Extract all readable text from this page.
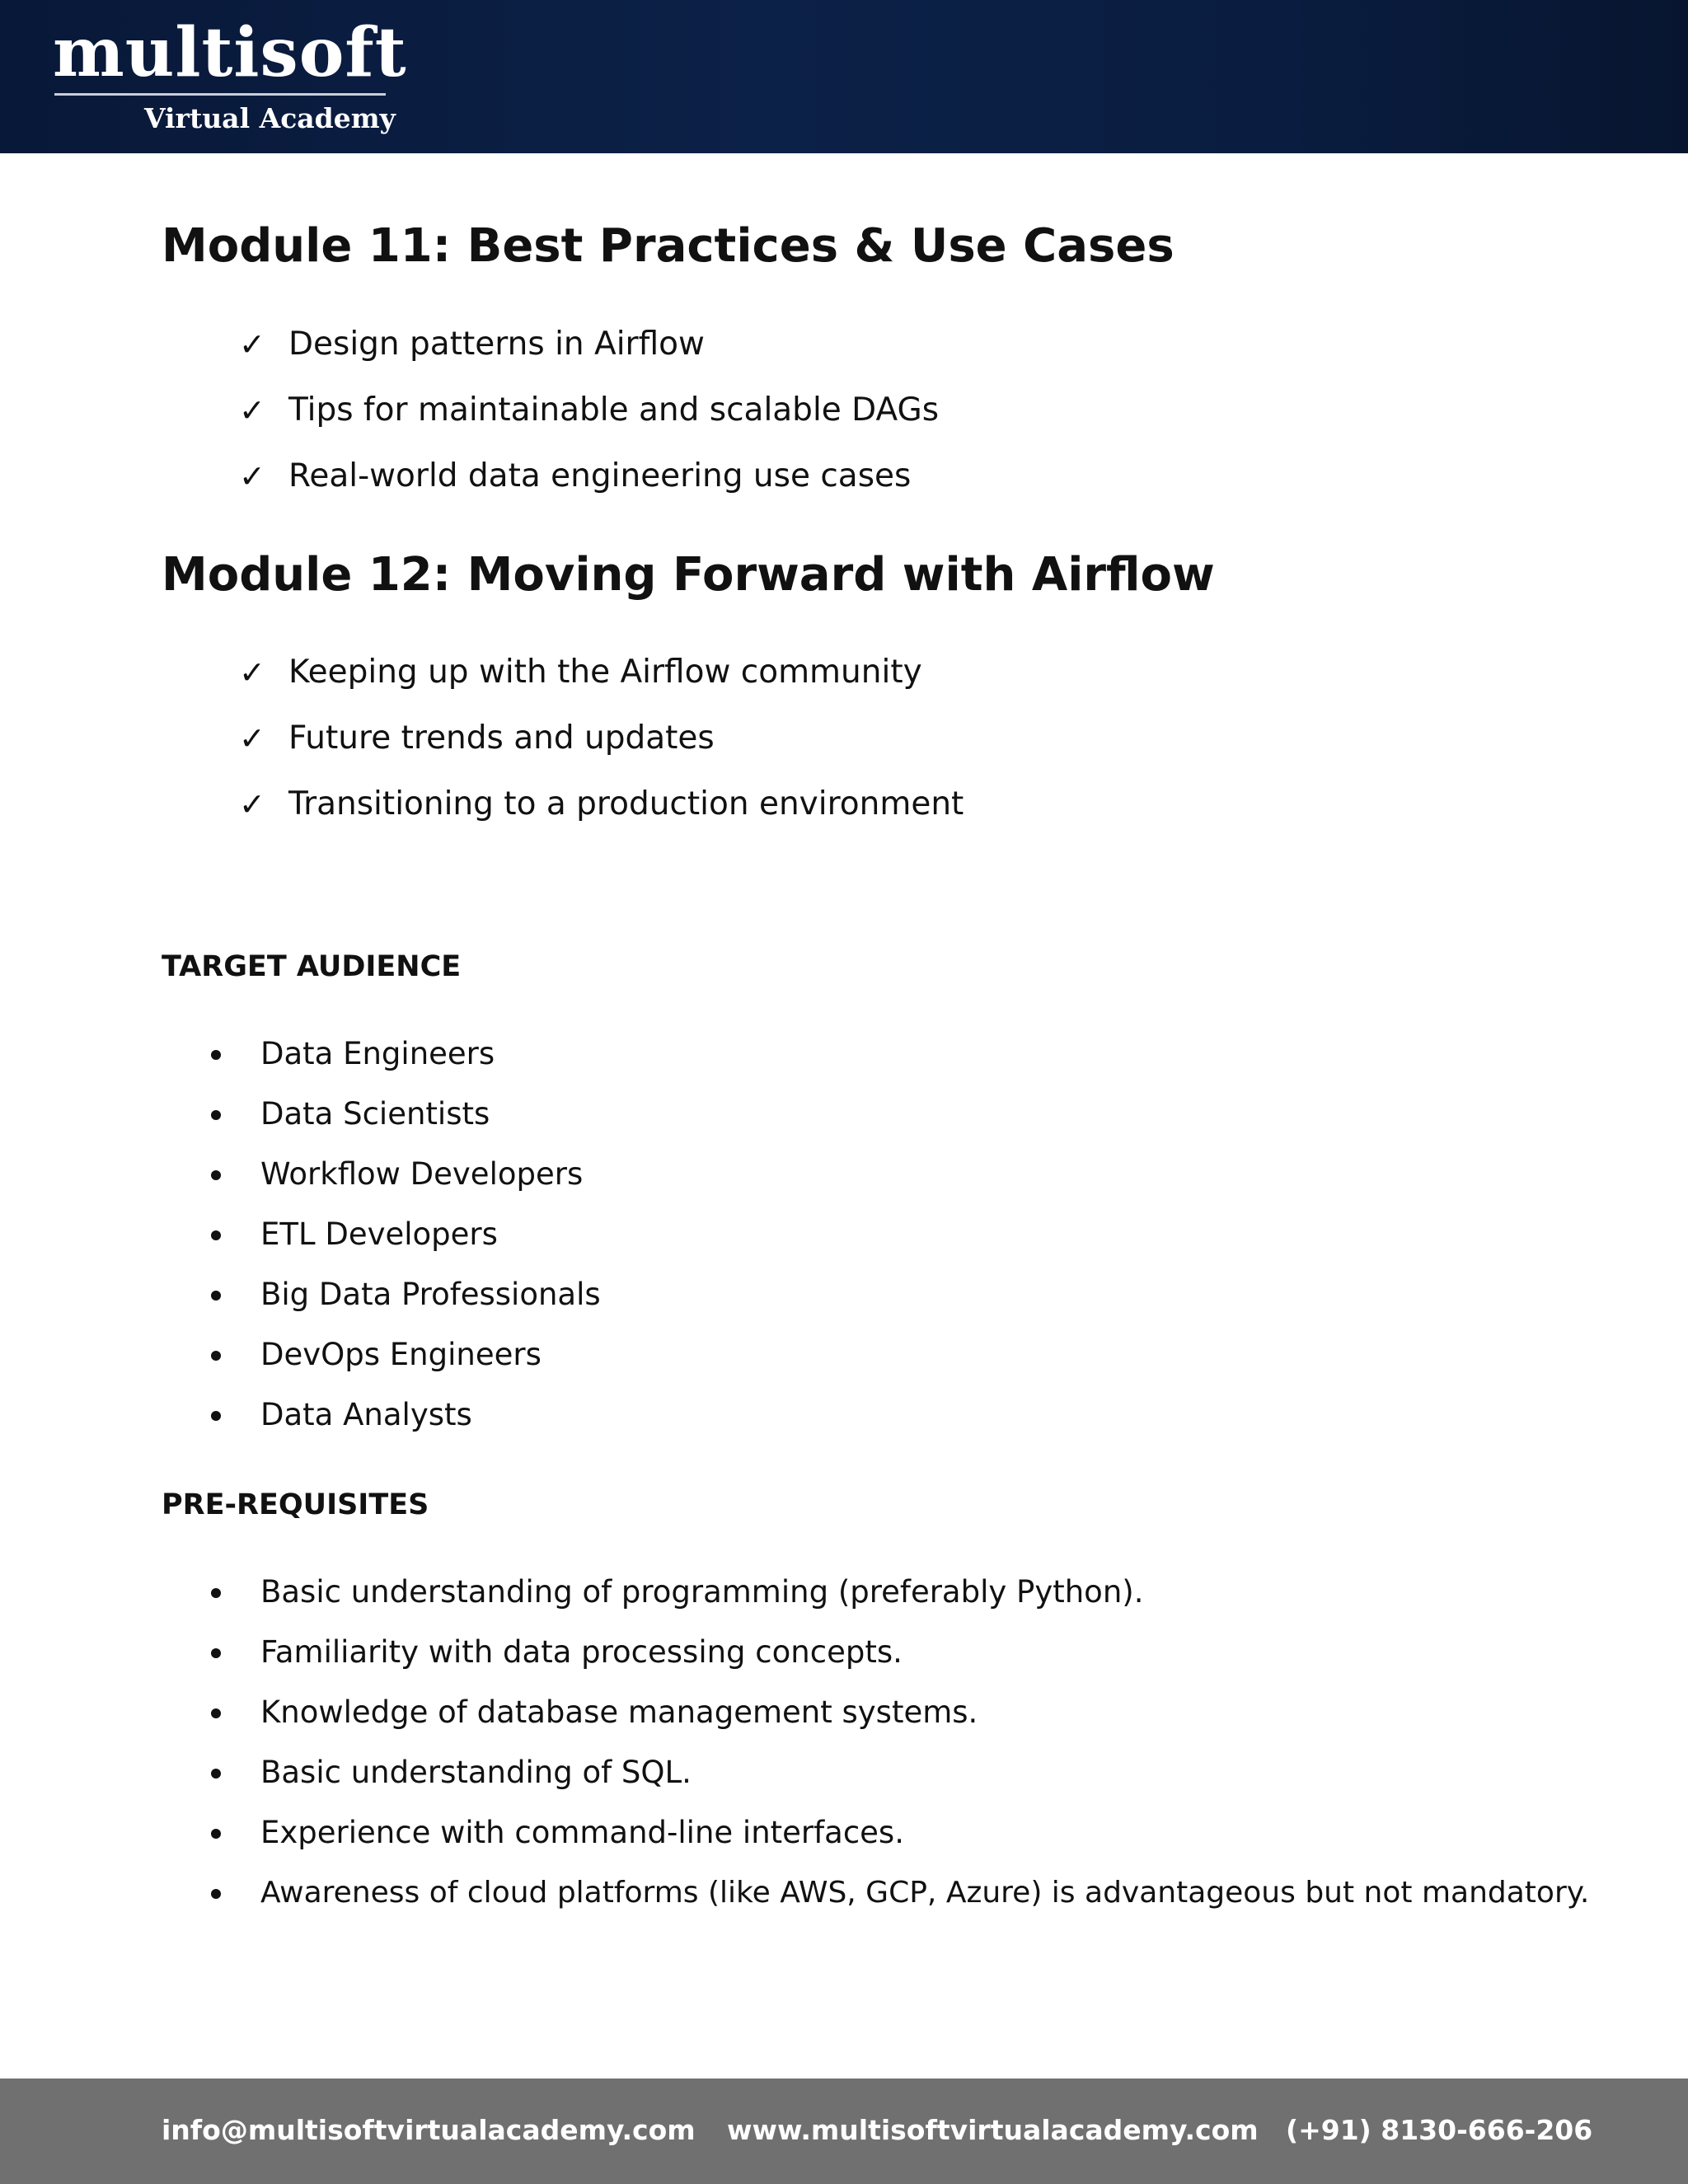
multisoft
Virtual Academy
Module 11: Best Practices & Use Cases
✓ Design patterns in Airflow
✓ Tips for maintainable and scalable DAGs
✓ Real-world data engineering use cases
Module 12: Moving Forward with Airflow
✓ Keeping up with the Airflow community
✓ Future trends and updates
✓ Transitioning to a production environment
TARGET AUDIENCE
Data Engineers
Data Scientists
Workflow Developers
ETL Developers
Big Data Professionals
DevOps Engineers
Data Analysts
PRE-REQUISITES
Basic understanding of programming (preferably Python).
Familiarity with data processing concepts.
Knowledge of database management systems.
Basic understanding of SQL.
Experience with command-line interfaces.
Awareness of cloud platforms (like AWS, GCP, Azure) is advantageous but not mandatory.
info@multisoftvirtualacademy.com www.multisoftvirtualacademy.com (+91) 8130-666-206
